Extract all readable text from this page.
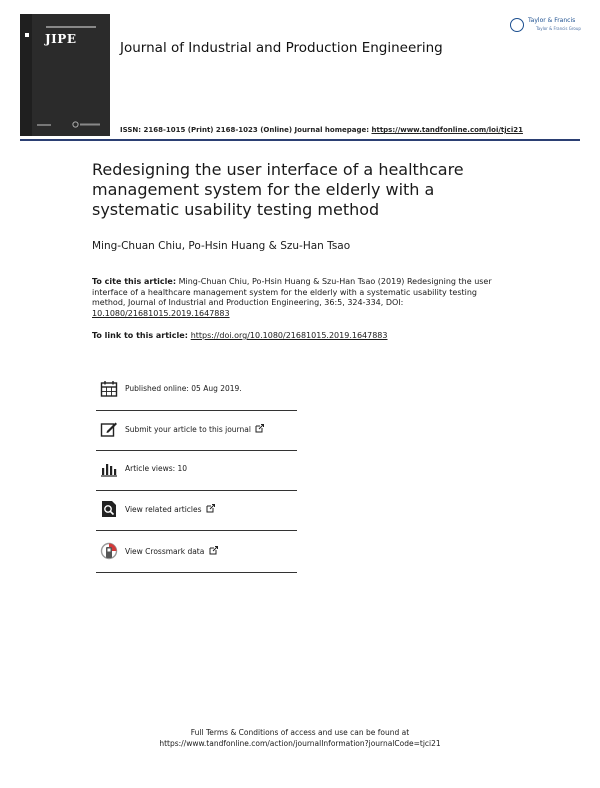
JIPE
Journal of Industrial and Production Engineering
Taylor & Francis
Taylor & Francis Group
ISSN: 2168-1015 (Print) 2168-1023 (Online) Journal homepage: https://www.tandfonline.com/loi/tjci21
Redesigning the user interface of a healthcare management system for the elderly with a systematic usability testing method
Ming-Chuan Chiu, Po-Hsin Huang & Szu-Han Tsao
To cite this article: Ming-Chuan Chiu, Po-Hsin Huang & Szu-Han Tsao (2019) Redesigning the user interface of a healthcare management system for the elderly with a systematic usability testing method, Journal of Industrial and Production Engineering, 36:5, 324-334, DOI: 10.1080/21681015.2019.1647883
To link to this article: https://doi.org/10.1080/21681015.2019.1647883
Published online: 05 Aug 2019.
Submit your article to this journal
Article views: 10
View related articles
View Crossmark data
Full Terms & Conditions of access and use can be found at
https://www.tandfonline.com/action/journalInformation?journalCode=tjci21
